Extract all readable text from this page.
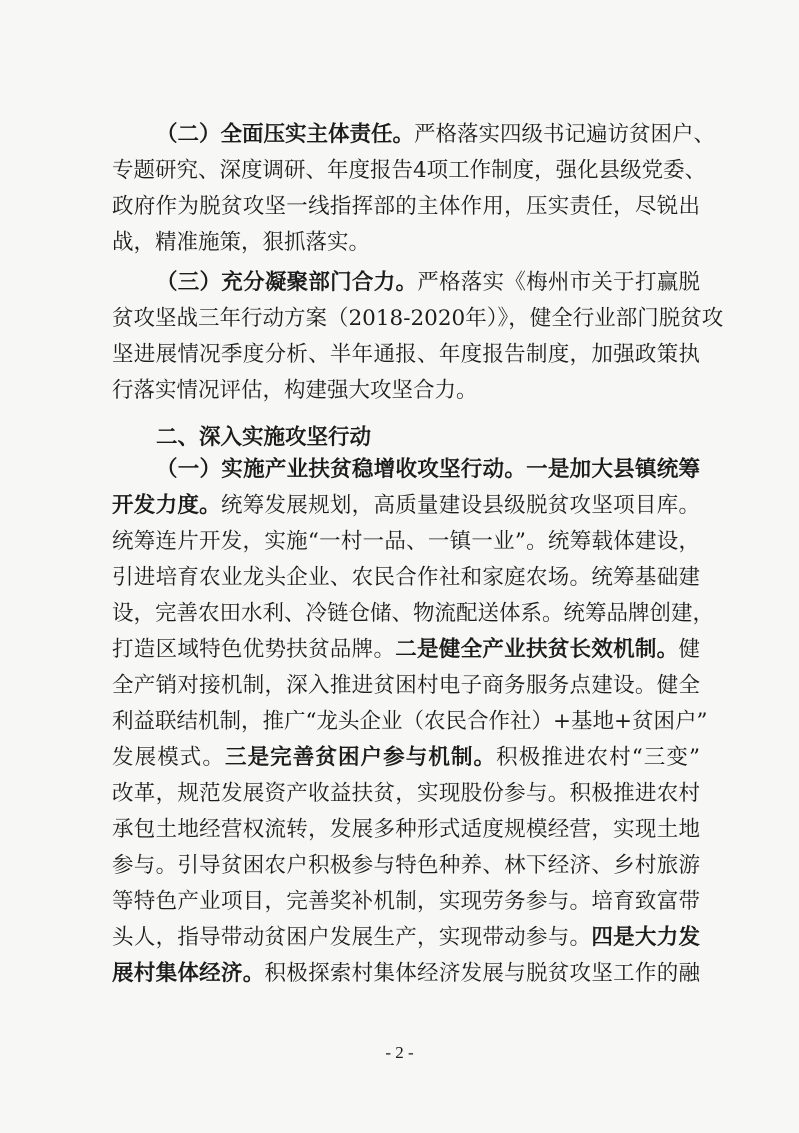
（二）全面压实主体责任。严格落实四级书记遍访贫困户、
专题研究、深度调研、年度报告4项工作制度，强化县级党委、
政府作为脱贫攻坚一线指挥部的主体作用，压实责任，尽锐出
战，精准施策，狠抓落实。
（三）充分凝聚部门合力。严格落实《梅州市关于打赢脱
贫攻坚战三年行动方案（2018-2020年）》，健全行业部门脱贫攻
坚进展情况季度分析、半年通报、年度报告制度，加强政策执
行落实情况评估，构建强大攻坚合力。
二、深入实施攻坚行动
（一）实施产业扶贫稳增收攻坚行动。一是加大县镇统筹
开发力度。统筹发展规划，高质量建设县级脱贫攻坚项目库。
统筹连片开发，实施“一村一品、一镇一业”。统筹载体建设，
引进培育农业龙头企业、农民合作社和家庭农场。统筹基础建
设，完善农田水利、冷链仓储、物流配送体系。统筹品牌创建，
打造区域特色优势扶贫品牌。二是健全产业扶贫长效机制。健
全产销对接机制，深入推进贫困村电子商务服务点建设。健全
利益联结机制，推广“龙头企业（农民合作社）+基地+贫困户”
发展模式。三是完善贫困户参与机制。积极推进农村“三变”
改革，规范发展资产收益扶贫，实现股份参与。积极推进农村
承包土地经营权流转，发展多种形式适度规模经营，实现土地
参与。引导贫困农户积极参与特色种养、林下经济、乡村旅游
等特色产业项目，完善奖补机制，实现劳务参与。培育致富带
头人，指导带动贫困户发展生产，实现带动参与。四是大力发
展村集体经济。积极探索村集体经济发展与脱贫攻坚工作的融
- 2 -
